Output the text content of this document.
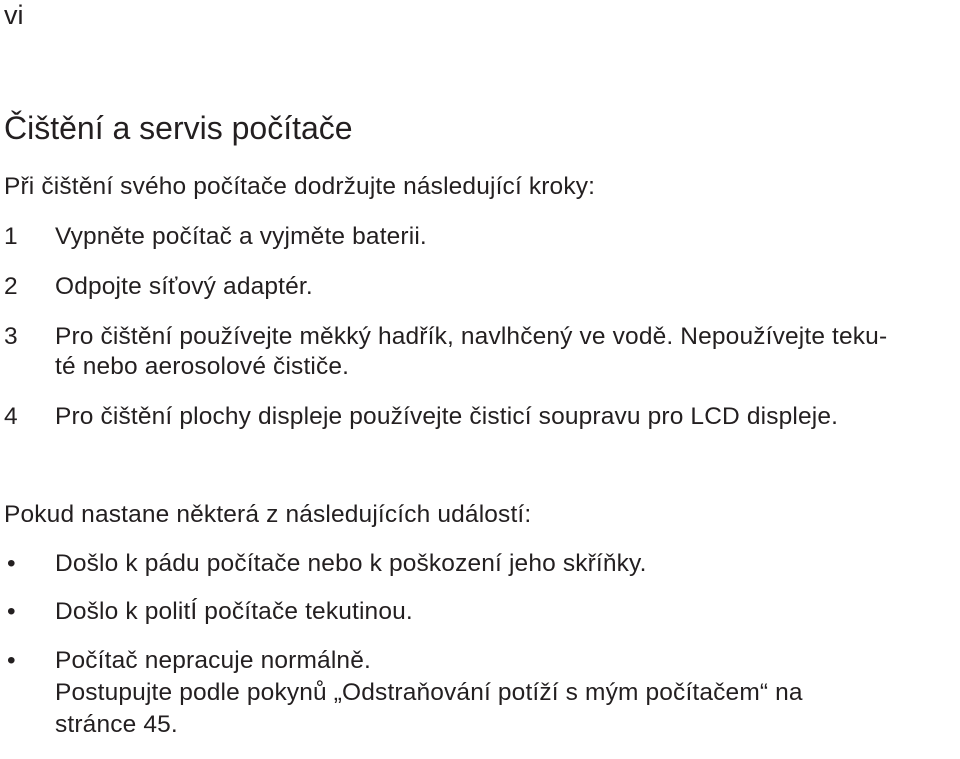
vi
Čištění a servis počítače
Při čištění svého počítače dodržujte následující kroky:
1 Vypněte počítač a vyjměte baterii.
2 Odpojte síťový adaptér.
3 Pro čištění používejte měkký hadřík, navlhčený ve vodě. Nepoužívejte teku-
té nebo aerosolové čističe.
4 Pro čištění plochy displeje používejte čisticí soupravu pro LCD displeje.
Pokud nastane některá z následujících událostí:
• Došlo k pádu počítače nebo k poškození jeho skříňky.
• Došlo k politÍ počítače tekutinou.
• Počítač nepracuje normálně.
Postupujte podle pokynů „Odstraňování potíží s mým počítačem“ na
stránce 45.
